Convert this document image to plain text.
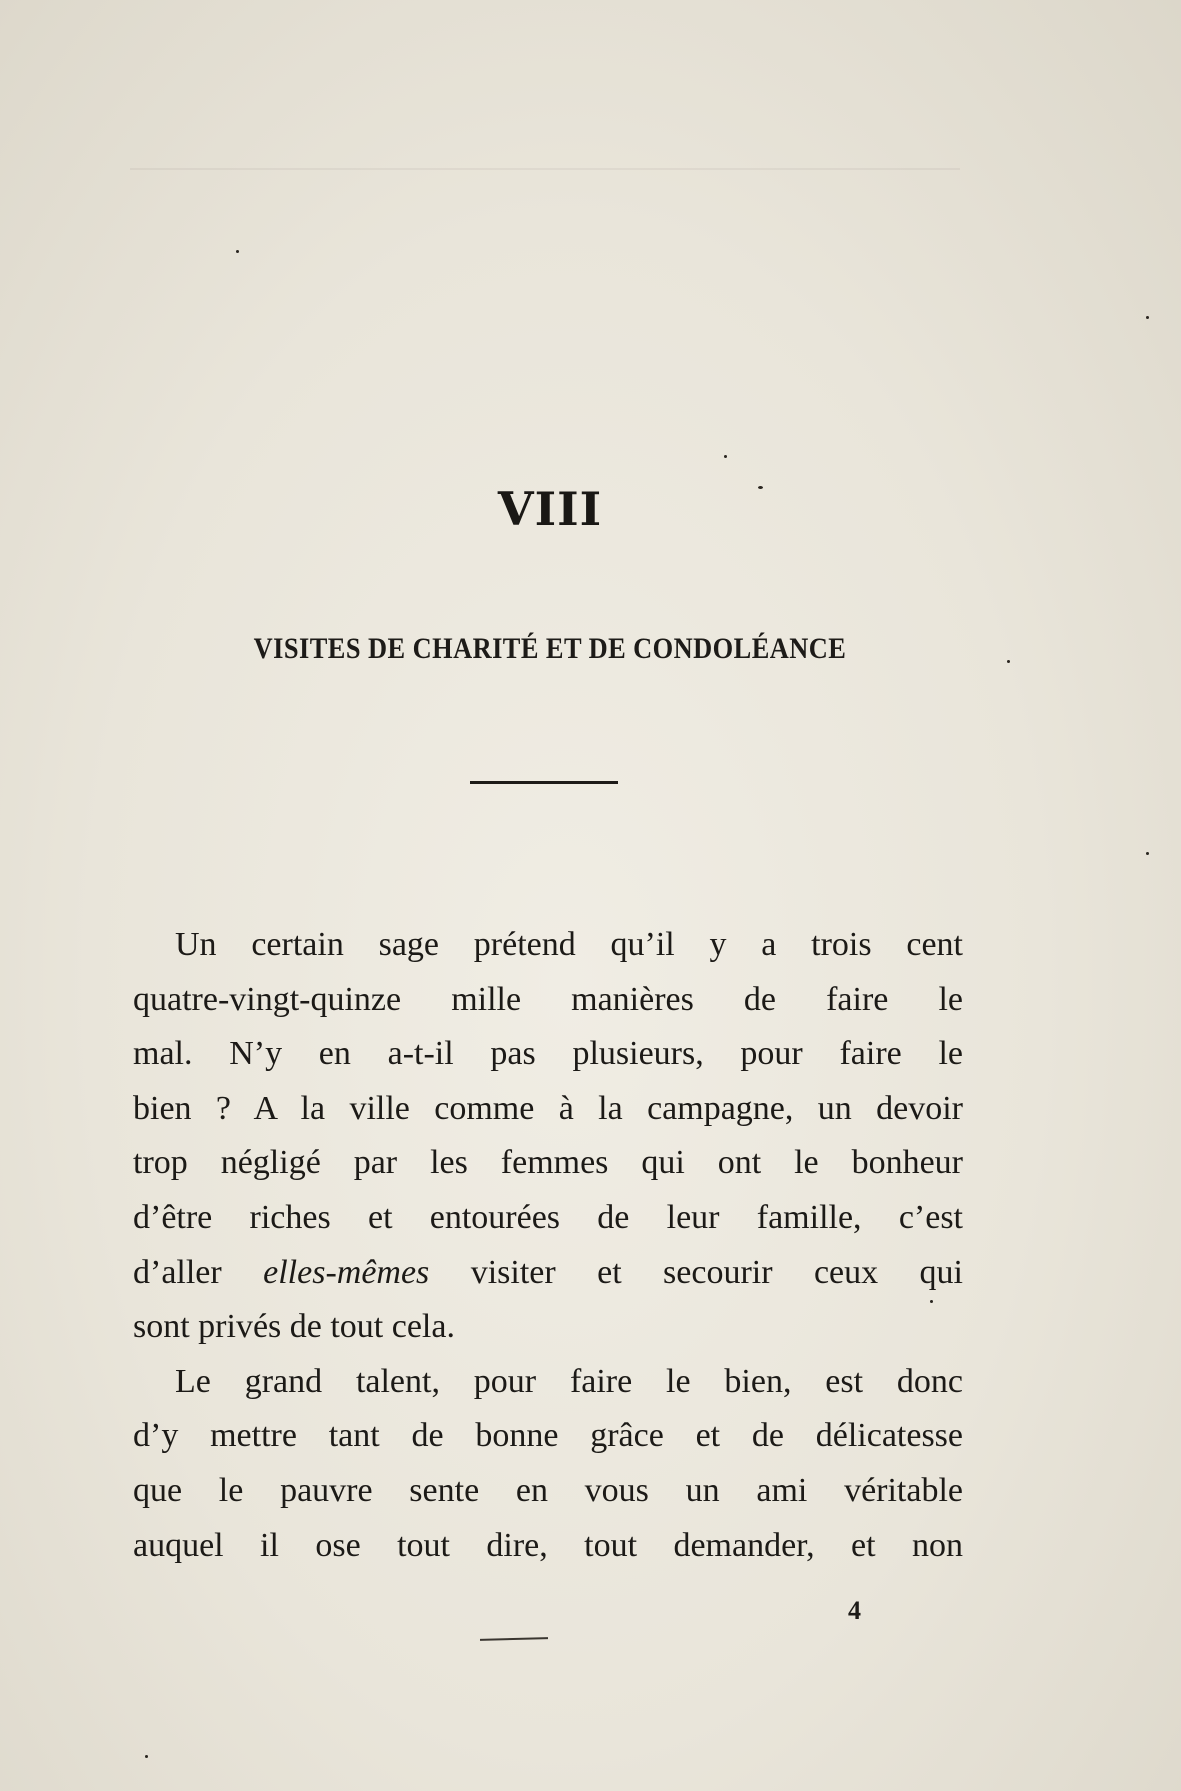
VIII
VISITES DE CHARITÉ ET DE CONDOLÉANCE
Un certain sage prétend qu’il y a trois cent
quatre-vingt-quinze mille manières de faire le
mal. N’y en a-t-il pas plusieurs, pour faire le
bien ? A la ville comme à la campagne, un devoir
trop négligé par les femmes qui ont le bonheur
d’être riches et entourées de leur famille, c’est
d’aller elles-mêmes visiter et secourir ceux qui
sont privés de tout cela.
Le grand talent, pour faire le bien, est donc
d’y mettre tant de bonne grâce et de délicatesse
que le pauvre sente en vous un ami véritable
auquel il ose tout dire, tout demander, et non
4
